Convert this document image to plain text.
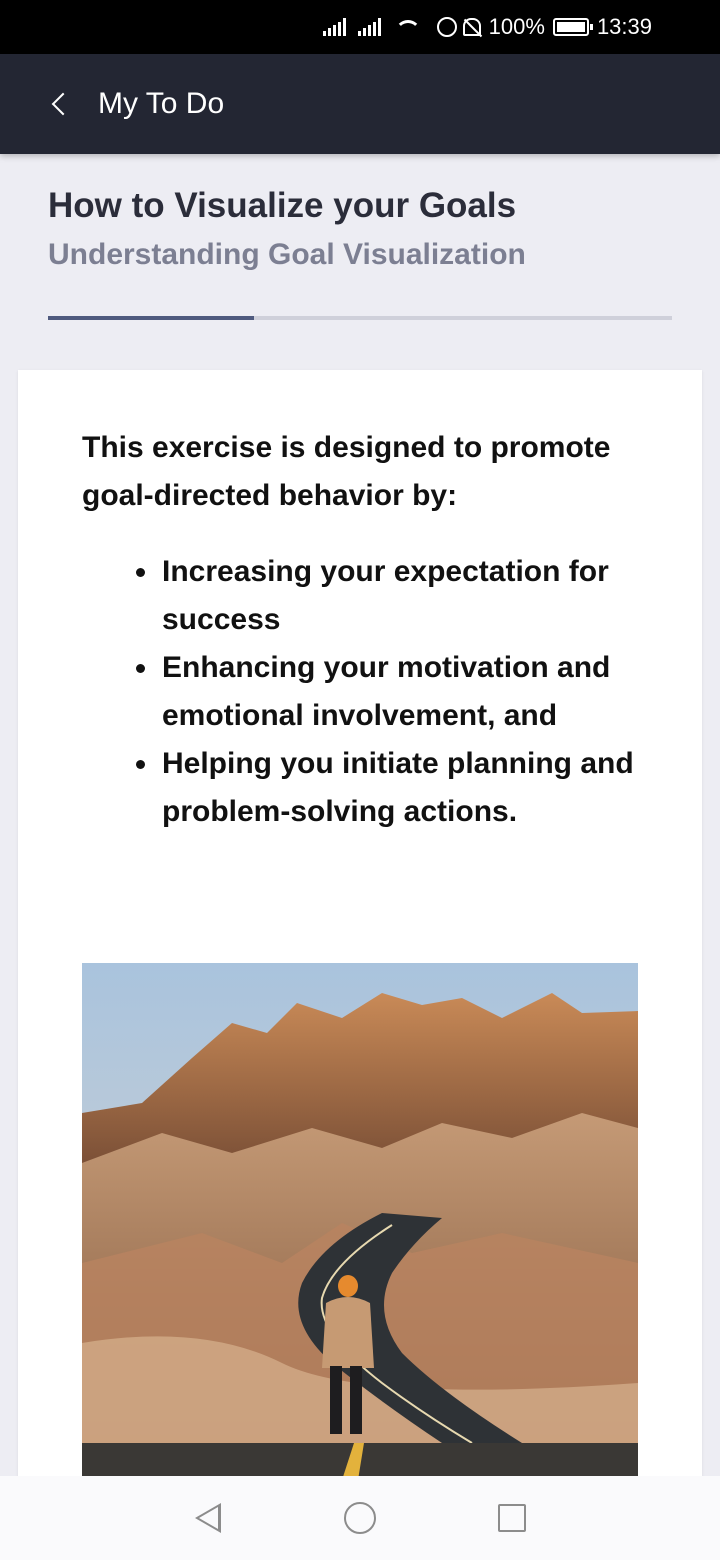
100% 13:39
My To Do
How to Visualize your Goals
Understanding Goal Visualization
This exercise is designed to promote goal-directed behavior by:
Increasing your expectation for success
Enhancing your motivation and emotional involvement, and
Helping you initiate planning and problem-solving actions.
